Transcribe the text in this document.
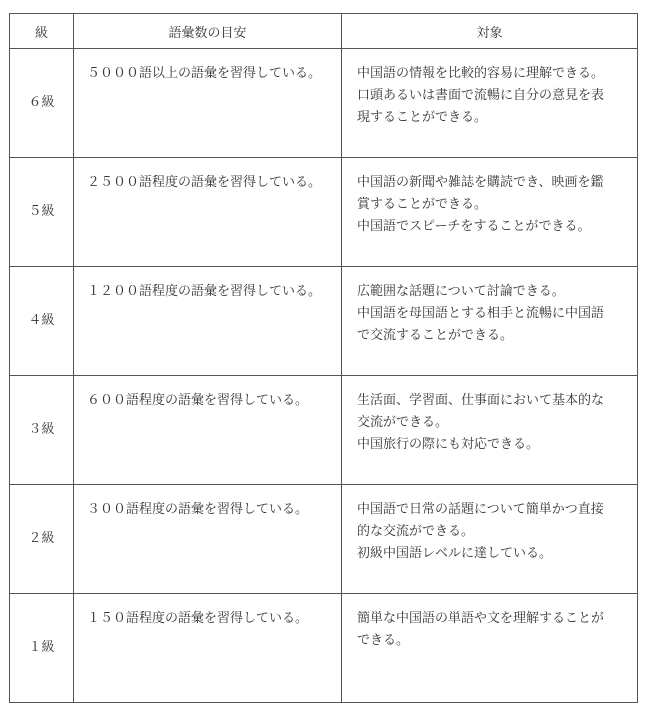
級	語彙数の目安	対象
６級	５０００語以上の語彙を習得している。	中国語の情報を比較的容易に理解できる。
口頭あるいは書面で流暢に自分の意見を表
現することができる。

５級	２５００語程度の語彙を習得している。	中国語の新聞や雑誌を購読でき、映画を鑑
賞することができる。
中国語でスピーチをすることができる。

４級	１２００語程度の語彙を習得している。	広範囲な話題について討論できる。
中国語を母国語とする相手と流暢に中国語
で交流することができる。

３級	６００語程度の語彙を習得している。	生活面、学習面、仕事面において基本的な
交流ができる。
中国旅行の際にも対応できる。

２級	３００語程度の語彙を習得している。	中国語で日常の話題について簡単かつ直接
的な交流ができる。
初級中国語レベルに達している。

１級	１５０語程度の語彙を習得している。	簡単な中国語の単語や文を理解することが
できる。
